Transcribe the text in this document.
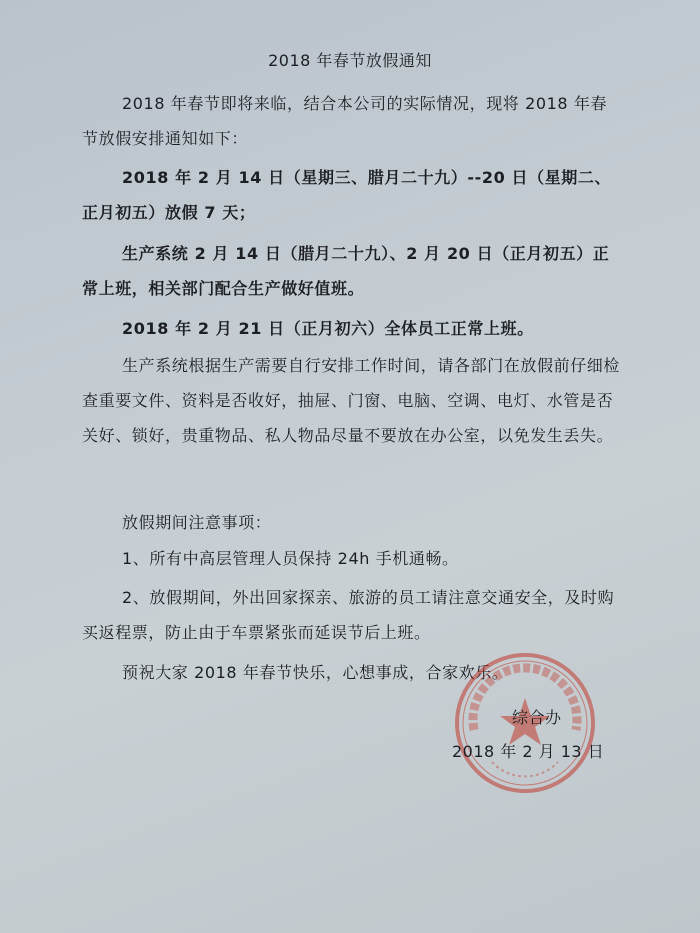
2018 年春节放假通知
2018 年春节即将来临，结合本公司的实际情况，现将 2018 年春节放假安排通知如下：
2018 年 2 月 14 日（星期三、腊月二十九）--20 日（星期二、正月初五）放假 7 天；
生产系统 2 月 14 日（腊月二十九）、2 月 20 日（正月初五）正常上班，相关部门配合生产做好值班。
2018 年 2 月 21 日（正月初六）全体员工正常上班。
生产系统根据生产需要自行安排工作时间，请各部门在放假前仔细检查重要文件、资料是否收好，抽屉、门窗、电脑、空调、电灯、水管是否关好、锁好，贵重物品、私人物品尽量不要放在办公室，以免发生丢失。
放假期间注意事项：
1、所有中高层管理人员保持 24h 手机通畅。
2、放假期间，外出回家探亲、旅游的员工请注意交通安全，及时购买返程票，防止由于车票紧张而延误节后上班。
预祝大家 2018 年春节快乐，心想事成，合家欢乐。
综合办
2018 年 2 月 13 日
